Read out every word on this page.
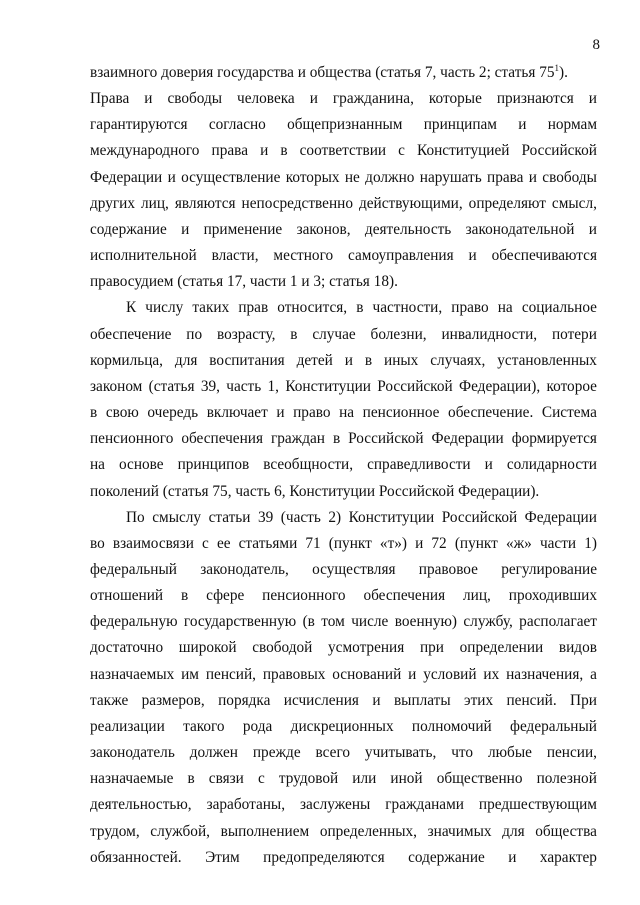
8
взаимного доверия государства и общества (статья 7, часть 2; статья $75^1$).
Права и свободы человека и гражданина, которые признаются и
гарантируются согласно общепризнанным принципам и нормам
международного права и в соответствии с Конституцией Российской
Федерации и осуществление которых не должно нарушать права и свободы
других лиц, являются непосредственно действующими, определяют смысл,
содержание и применение законов, деятельность законодательной и
исполнительной власти, местного самоуправления и обеспечиваются
правосудием (статья 17, части 1 и 3; статья 18).
К числу таких прав относится, в частности, право на социальное
обеспечение по возрасту, в случае болезни, инвалидности, потери
кормильца, для воспитания детей и в иных случаях, установленных
законом (статья 39, часть 1, Конституции Российской Федерации), которое
в свою очередь включает и право на пенсионное обеспечение. Система
пенсионного обеспечения граждан в Российской Федерации формируется
на основе принципов всеобщности, справедливости и солидарности
поколений (статья 75, часть 6, Конституции Российской Федерации).
По смыслу статьи 39 (часть 2) Конституции Российской Федерации
во взаимосвязи с ее статьями 71 (пункт «т») и 72 (пункт «ж» части 1)
федеральный законодатель, осуществляя правовое регулирование
отношений в сфере пенсионного обеспечения лиц, проходивших
федеральную государственную (в том числе военную) службу, располагает
достаточно широкой свободой усмотрения при определении видов
назначаемых им пенсий, правовых оснований и условий их назначения, а
также размеров, порядка исчисления и выплаты этих пенсий. При
реализации такого рода дискреционных полномочий федеральный
законодатель должен прежде всего учитывать, что любые пенсии,
назначаемые в связи с трудовой или иной общественно полезной
деятельностью, заработаны, заслужены гражданами предшествующим
трудом, службой, выполнением определенных, значимых для общества
обязанностей. Этим предопределяются содержание и характер
